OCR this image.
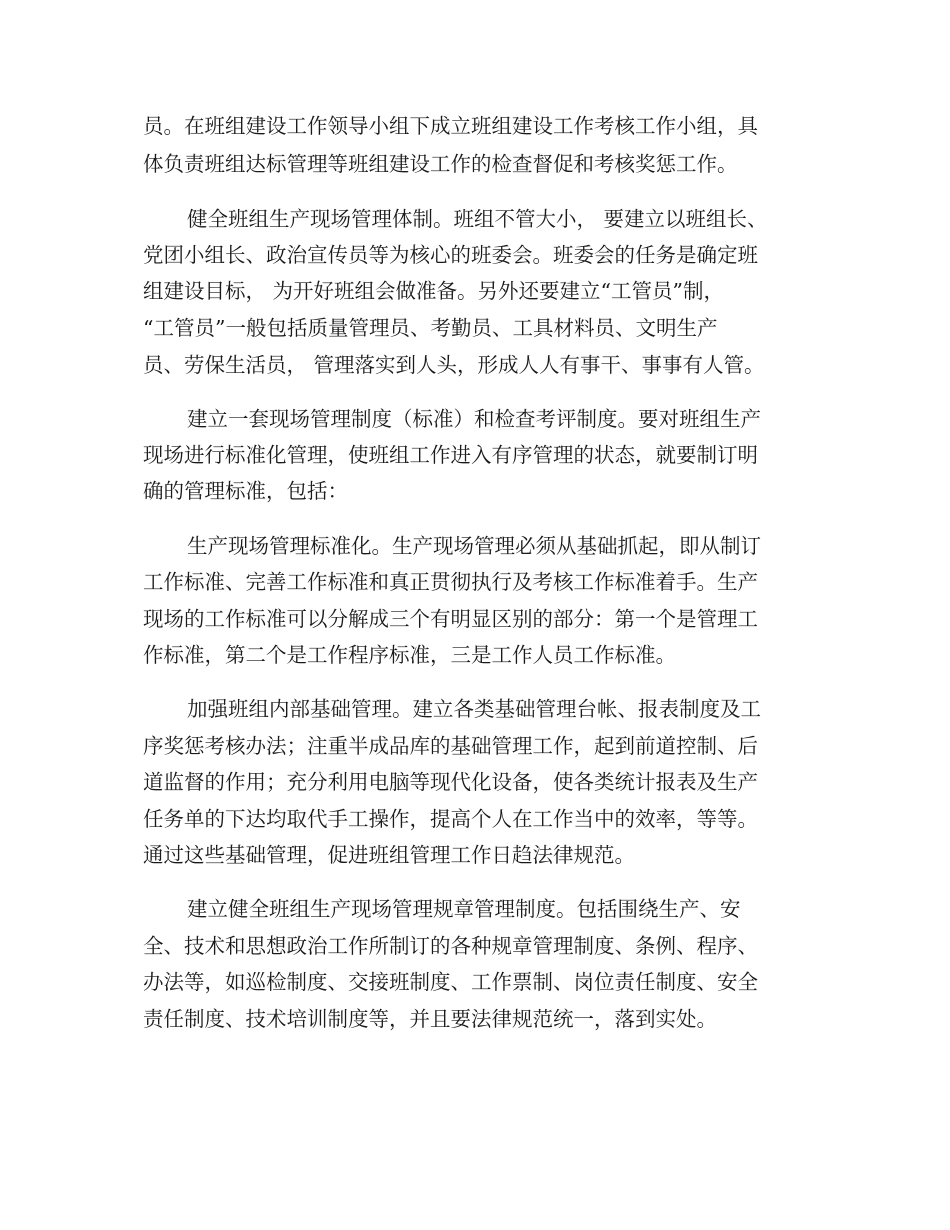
员。在班组建设工作领导小组下成立班组建设工作考核工作小组，具
体负责班组达标管理等班组建设工作的检查督促和考核奖惩工作。
健全班组生产现场管理体制。班组不管大小， 要建立以班组长、
党团小组长、政治宣传员等为核心的班委会。班委会的任务是确定班
组建设目标， 为开好班组会做准备。另外还要建立“工管员”制，
“工管员”一般包括质量管理员、考勤员、工具材料员、文明生产
员、劳保生活员， 管理落实到人头，形成人人有事干、事事有人管。
建立一套现场管理制度（标准）和检查考评制度。要对班组生产
现场进行标准化管理，使班组工作进入有序管理的状态，就要制订明
确的管理标准，包括：
生产现场管理标准化。生产现场管理必须从基础抓起，即从制订
工作标准、完善工作标准和真正贯彻执行及考核工作标准着手。生产
现场的工作标准可以分解成三个有明显区别的部分：第一个是管理工
作标准，第二个是工作程序标准，三是工作人员工作标准。
加强班组内部基础管理。建立各类基础管理台帐、报表制度及工
序奖惩考核办法；注重半成品库的基础管理工作，起到前道控制、后
道监督的作用；充分利用电脑等现代化设备，使各类统计报表及生产
任务单的下达均取代手工操作，提高个人在工作当中的效率，等等。
通过这些基础管理，促进班组管理工作日趋法律规范。
建立健全班组生产现场管理规章管理制度。包括围绕生产、安
全、技术和思想政治工作所制订的各种规章管理制度、条例、程序、
办法等，如巡检制度、交接班制度、工作票制、岗位责任制度、安全
责任制度、技术培训制度等，并且要法律规范统一，落到实处。
